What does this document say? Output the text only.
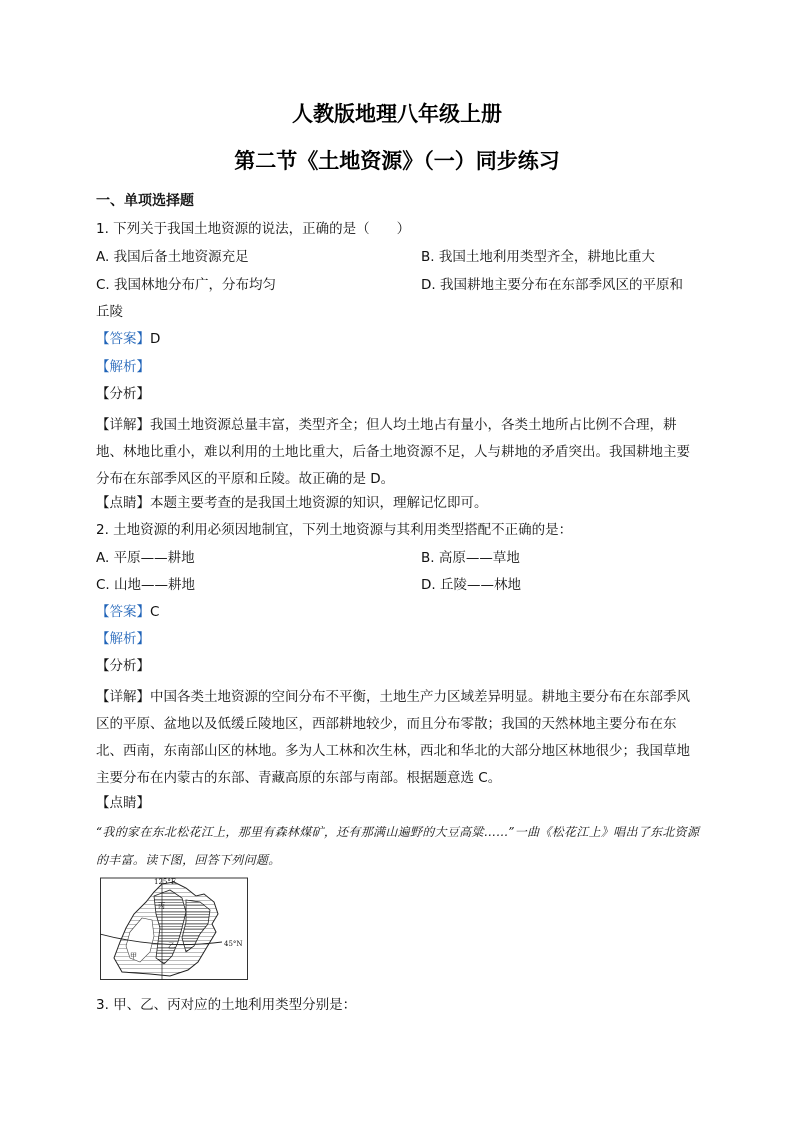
人教版地理八年级上册
第二节《土地资源》（一）同步练习
一、单项选择题
1. 下列关于我国土地资源的说法，正确的是（　　）
A. 我国后备土地资源充足	B. 我国土地利用类型齐全，耕地比重大
C. 我国林地分布广，分布均匀	D. 我国耕地主要分布在东部季风区的平原和
丘陵
【答案】D
【解析】
【分析】
【详解】我国土地资源总量丰富，类型齐全；但人均土地占有量小，各类土地所占比例不合理，耕地、林地比重小，难以利用的土地比重大，后备土地资源不足，人与耕地的矛盾突出。我国耕地主要分布在东部季风区的平原和丘陵。故正确的是 D。
【点睛】本题主要考查的是我国土地资源的知识，理解记忆即可。
2. 土地资源的利用必须因地制宜，下列土地资源与其利用类型搭配不正确的是：
A. 平原——耕地	B. 高原——草地
C. 山地——耕地	D. 丘陵——林地
【答案】C
【解析】
【分析】
【详解】中国各类土地资源的空间分布不平衡，土地生产力区域差异明显。耕地主要分布在东部季风区的平原、盆地以及低缓丘陵地区，西部耕地较少，而且分布零散；我国的天然林地主要分布在东北、西南，东南部山区的林地。多为人工林和次生林，西北和华北的大部分地区林地很少；我国草地主要分布在内蒙古的东部、青藏高原的东部与南部。根据题意选 C。
【点睛】
“我的家在东北松花江上，那里有森林煤矿，还有那满山遍野的大豆高粱……”一曲《松花江上》唱出了东北资源的丰富。读下图，回答下列问题。
125°E
45°N
丙
乙
甲
3. 甲、乙、丙对应的土地利用类型分别是：
